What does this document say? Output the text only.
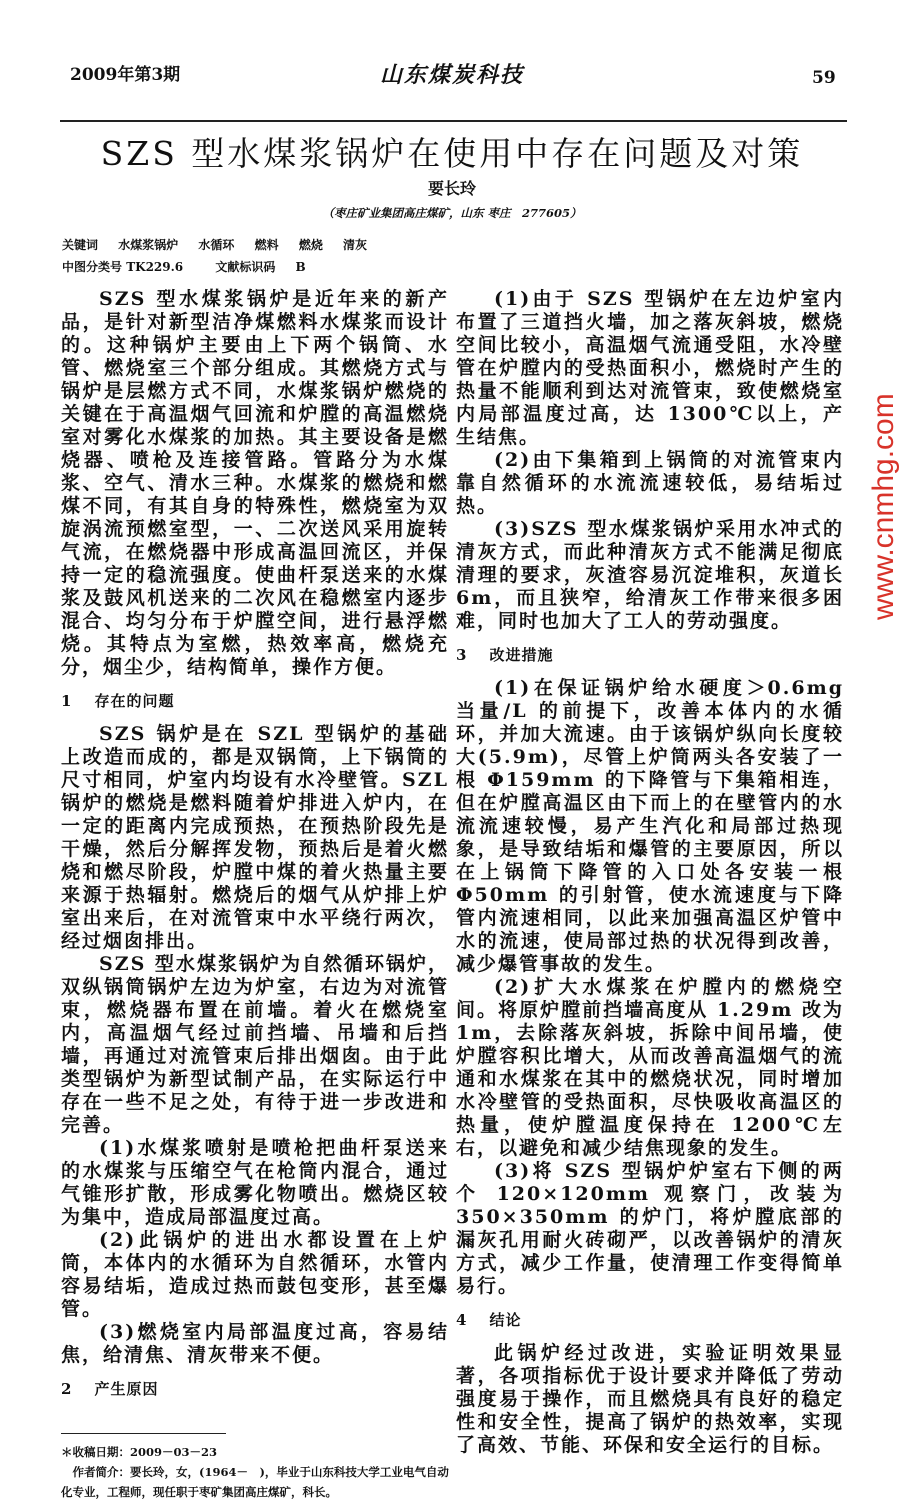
2009年第3期	山东煤炭科技	59
SZS 型水煤浆锅炉在使用中存在问题及对策
要长玲
（枣庄矿业集团高庄煤矿，山东 枣庄　277605）
关键词 水煤浆锅炉 水循环 燃料 燃烧 清灰
中图分类号 TK229.6	文献标识码 B

SZS 型水煤浆锅炉是近年来的新产品，是针对新型洁净煤燃料水煤浆而设计的。这种锅炉主要由上下两个锅筒、水管、燃烧室三个部分组成。其燃烧方式与锅炉是层燃方式不同，水煤浆锅炉燃烧的关键在于高温烟气回流和炉膛的高温燃烧室对雾化水煤浆的加热。其主要设备是燃烧器、喷枪及连接管路。管路分为水煤浆、空气、清水三种。水煤浆的燃烧和燃煤不同，有其自身的特殊性，燃烧室为双旋涡流预燃室型，一、二次送风采用旋转气流，在燃烧器中形成高温回流区，并保持一定的稳流强度。使曲杆泵送来的水煤浆及鼓风机送来的二次风在稳燃室内逐步混合、均匀分布于炉膛空间，进行悬浮燃烧。其特点为室燃，热效率高，燃烧充分，烟尘少，结构简单，操作方便。

1 存在的问题

SZS 锅炉是在 SZL 型锅炉的基础上改造而成的，都是双锅筒，上下锅筒的尺寸相同，炉室内均设有水冷壁管。SZL 锅炉的燃烧是燃料随着炉排进入炉内，在一定的距离内完成预热，在预热阶段先是干燥，然后分解挥发物，预热后是着火燃烧和燃尽阶段，炉膛中煤的着火热量主要来源于热辐射。燃烧后的烟气从炉排上炉室出来后，在对流管束中水平绕行两次，经过烟囱排出。

SZS 型水煤浆锅炉为自然循环锅炉，双纵锅筒锅炉左边为炉室，右边为对流管束，燃烧器布置在前墙。着火在燃烧室内，高温烟气经过前挡墙、吊墙和后挡墙，再通过对流管束后排出烟囱。由于此类型锅炉为新型试制产品，在实际运行中存在一些不足之处，有待于进一步改进和完善。

(1)水煤浆喷射是喷枪把曲杆泵送来的水煤浆与压缩空气在枪筒内混合，通过气锥形扩散，形成雾化物喷出。燃烧区较为集中，造成局部温度过高。

(2)此锅炉的进出水都设置在上炉筒，本体内的水循环为自然循环，水管内容易结垢，造成过热而鼓包变形，甚至爆管。

(3)燃烧室内局部温度过高，容易结焦，给清焦、清灰带来不便。

2 产生原因
＊收稿日期：2009－03－23
作者简介：要长玲，女，(1964－　)，毕业于山东科技大学工业电气自动化专业，工程师，现任职于枣矿集团高庄煤矿，科长。

(1)由于 SZS 型锅炉在左边炉室内布置了三道挡火墙，加之落灰斜坡，燃烧空间比较小，高温烟气流通受阻，水冷壁管在炉膛内的受热面积小，燃烧时产生的热量不能顺利到达对流管束，致使燃烧室内局部温度过高，达 1300℃以上，产生结焦。

(2)由下集箱到上锅筒的对流管束内靠自然循环的水流流速较低，易结垢过热。

(3)SZS 型水煤浆锅炉采用水冲式的清灰方式，而此种清灰方式不能满足彻底清理的要求，灰渣容易沉淀堆积，灰道长 6m，而且狭窄，给清灰工作带来很多困难，同时也加大了工人的劳动强度。

3 改进措施

(1)在保证锅炉给水硬度＞0.6mg 当量/L 的前提下，改善本体内的水循环，并加大流速。由于该锅炉纵向长度较大(5.9m)，尽管上炉筒两头各安装了一根 Φ159mm 的下降管与下集箱相连，但在炉膛高温区由下而上的在壁管内的水流流速较慢，易产生汽化和局部过热现象，是导致结垢和爆管的主要原因，所以在上锅筒下降管的入口处各安装一根 Φ50mm 的引射管，使水流速度与下降管内流速相同，以此来加强高温区炉管中水的流速，使局部过热的状况得到改善，减少爆管事故的发生。

(2)扩大水煤浆在炉膛内的燃烧空间。将原炉膛前挡墙高度从 1.29m 改为 1m，去除落灰斜坡，拆除中间吊墙，使炉膛容积比增大，从而改善高温烟气的流通和水煤浆在其中的燃烧状况，同时增加水冷壁管的受热面积，尽快吸收高温区的热量，使炉膛温度保持在 1200℃左右，以避免和减少结焦现象的发生。

(3)将 SZS 型锅炉炉室右下侧的两个 120×120mm 观察门，改装为 350×350mm 的炉门，将炉膛底部的漏灰孔用耐火砖砌严，以改善锅炉的清灰方式，减少工作量，使清理工作变得简单易行。

4 结论

此锅炉经过改进，实验证明效果显著，各项指标优于设计要求并降低了劳动强度易于操作，而且燃烧具有良好的稳定性和安全性，提高了锅炉的热效率，实现了高效、节能、环保和安全运行的目标。

www.cnmhg.com
